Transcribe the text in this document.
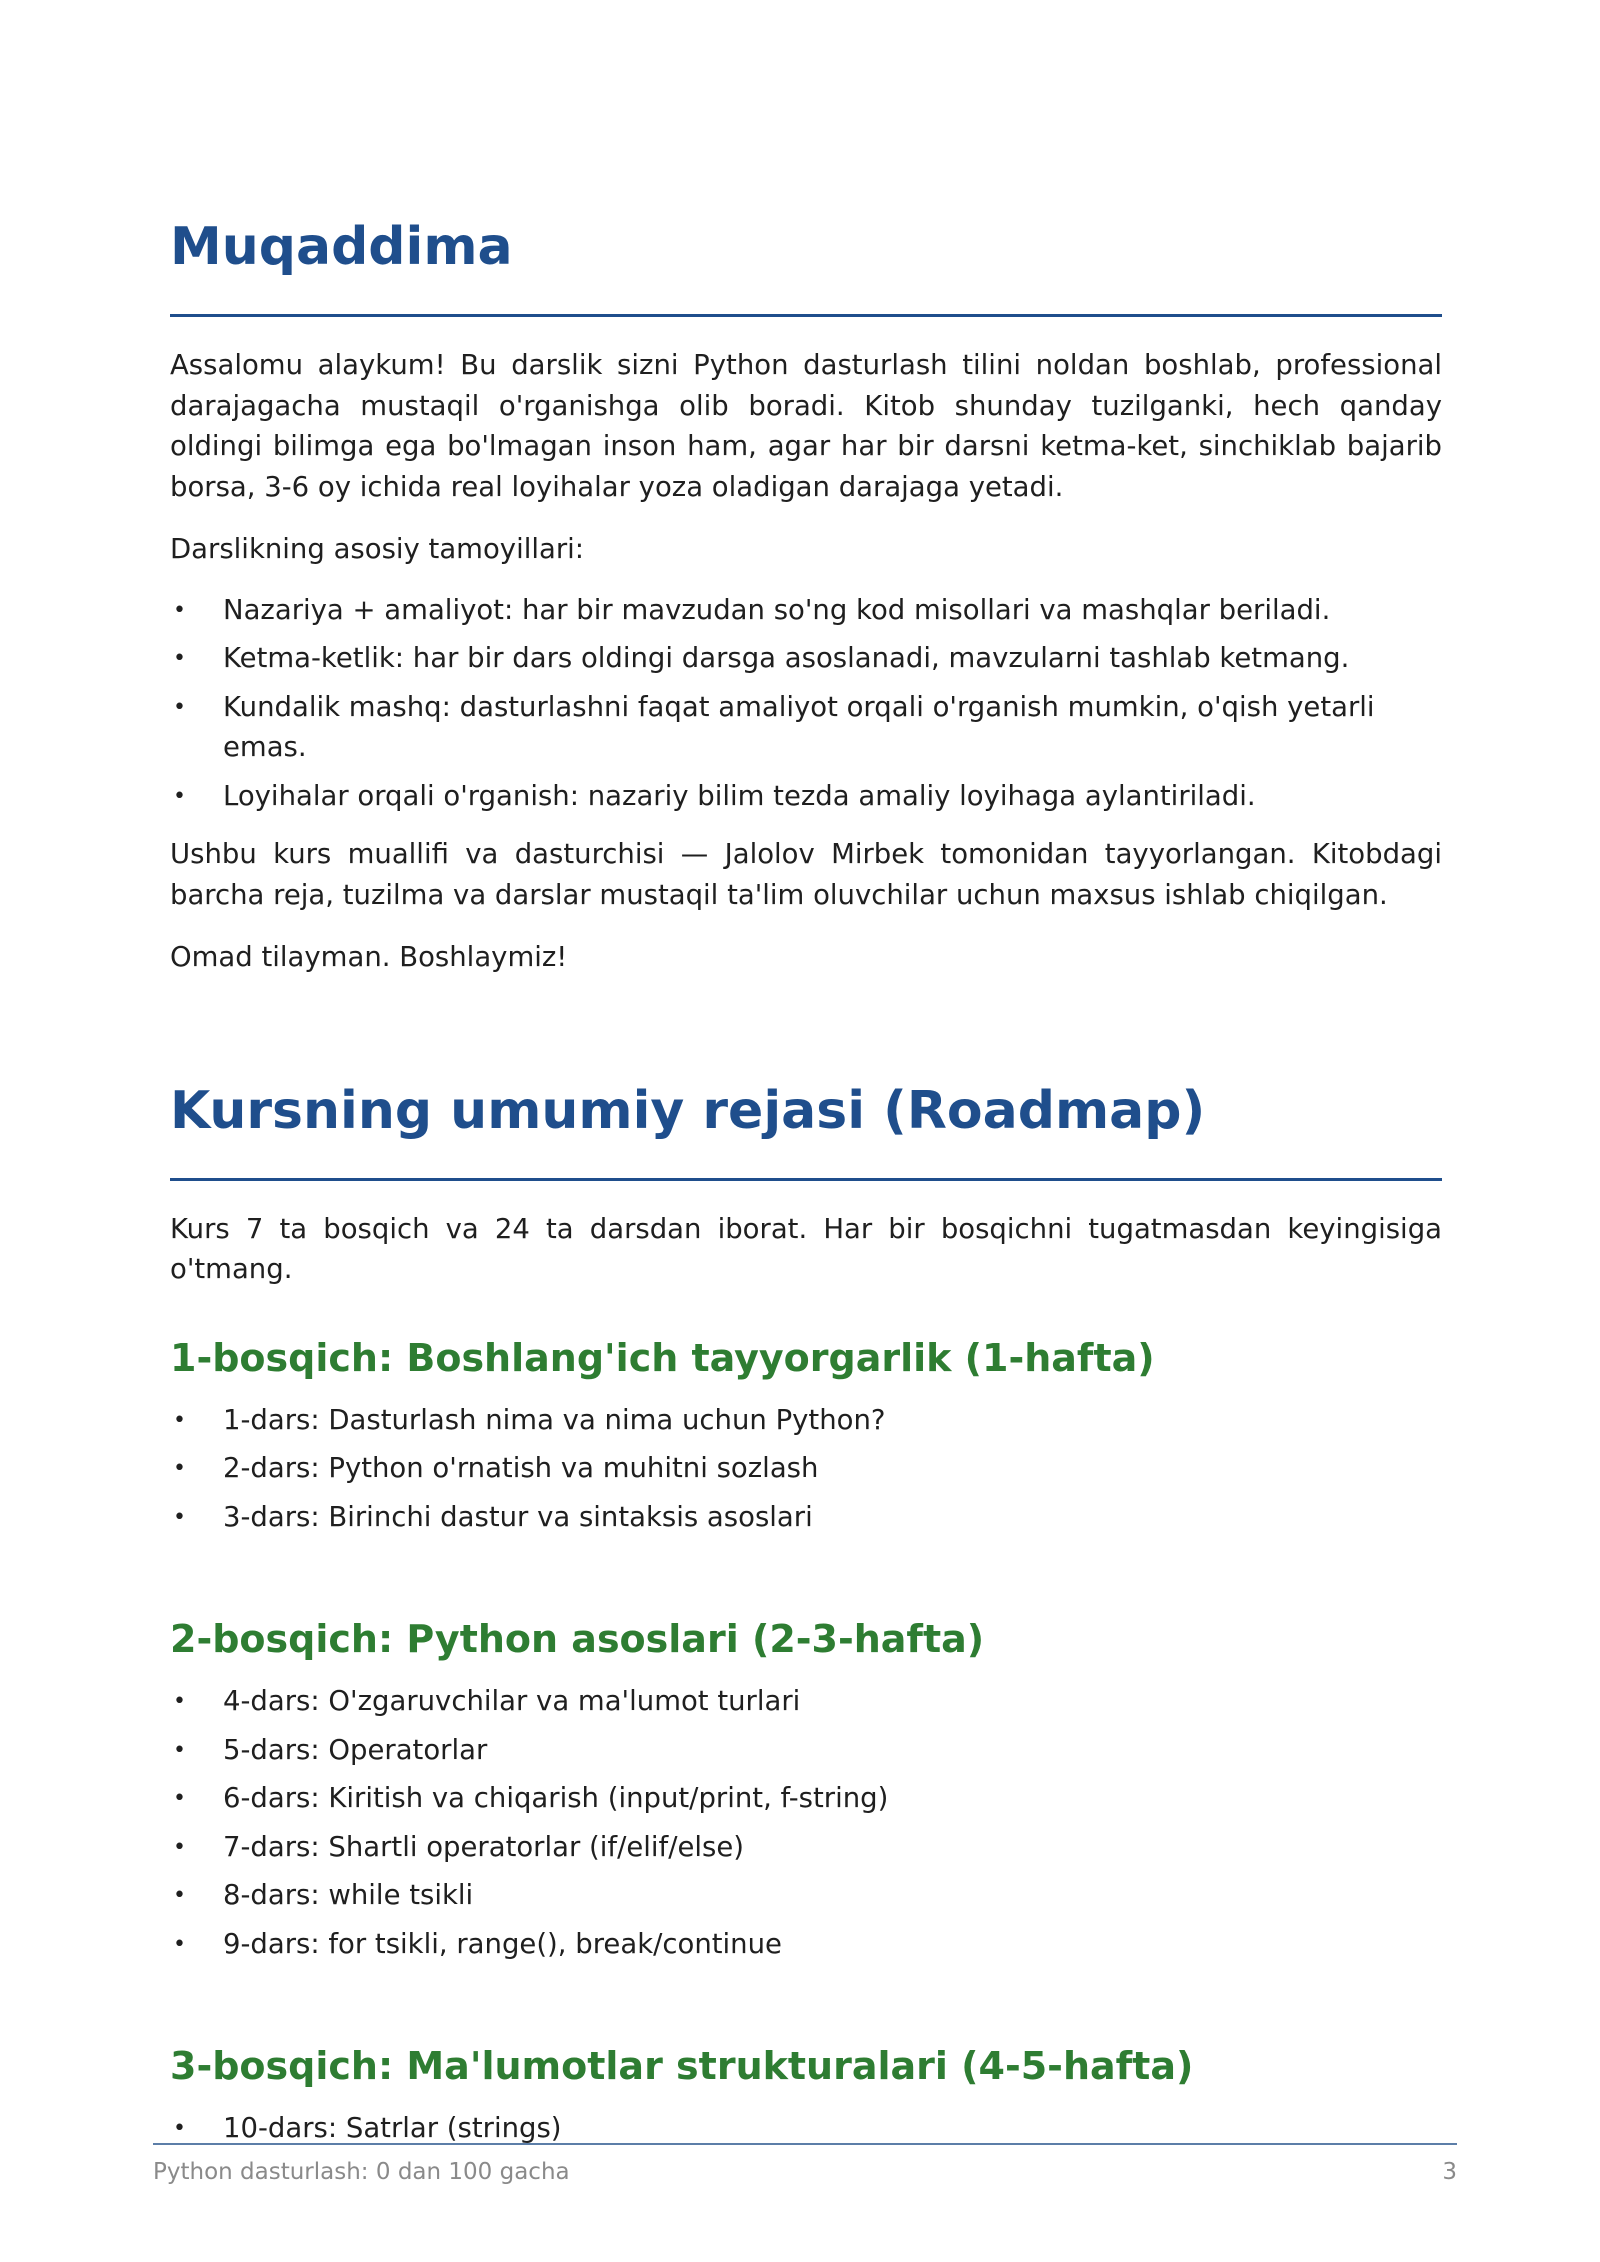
Muqaddima

Assalomu alaykum! Bu darslik sizni Python dasturlash tilini noldan boshlab, professional darajagacha mustaqil o'rganishga olib boradi. Kitob shunday tuzilganki, hech qanday oldingi bilimga ega bo'lmagan inson ham, agar har bir darsni ketma-ket, sinchiklab bajarib borsa, 3-6 oy ichida real loyihalar yoza oladigan darajaga yetadi.

Darslikning asosiy tamoyillari:

• Nazariya + amaliyot: har bir mavzudan so'ng kod misollari va mashqlar beriladi.
• Ketma-ketlik: har bir dars oldingi darsga asoslanadi, mavzularni tashlab ketmang.
• Kundalik mashq: dasturlashni faqat amaliyot orqali o'rganish mumkin, o'qish yetarli emas.
• Loyihalar orqali o'rganish: nazariy bilim tezda amaliy loyihaga aylantiriladi.

Ushbu kurs muallifi va dasturchisi — Jalolov Mirbek tomonidan tayyorlangan. Kitobdagi barcha reja, tuzilma va darslar mustaqil ta'lim oluvchilar uchun maxsus ishlab chiqilgan.

Omad tilayman. Boshlaymiz!

Kursning umumiy rejasi (Roadmap)

Kurs 7 ta bosqich va 24 ta darsdan iborat. Har bir bosqichni tugatmasdan keyingisiga o'tmang.

1-bosqich: Boshlang'ich tayyorgarlik (1-hafta)
• 1-dars: Dasturlash nima va nima uchun Python?
• 2-dars: Python o'rnatish va muhitni sozlash
• 3-dars: Birinchi dastur va sintaksis asoslari
2-bosqich: Python asoslari (2-3-hafta)
• 4-dars: O'zgaruvchilar va ma'lumot turlari
• 5-dars: Operatorlar
• 6-dars: Kiritish va chiqarish (input/print, f-string)
• 7-dars: Shartli operatorlar (if/elif/else)
• 8-dars: while tsikli
• 9-dars: for tsikli, range(), break/continue
3-bosqich: Ma'lumotlar strukturalari (4-5-hafta)
• 10-dars: Satrlar (strings)
Python dasturlash: 0 dan 100 gacha	3
